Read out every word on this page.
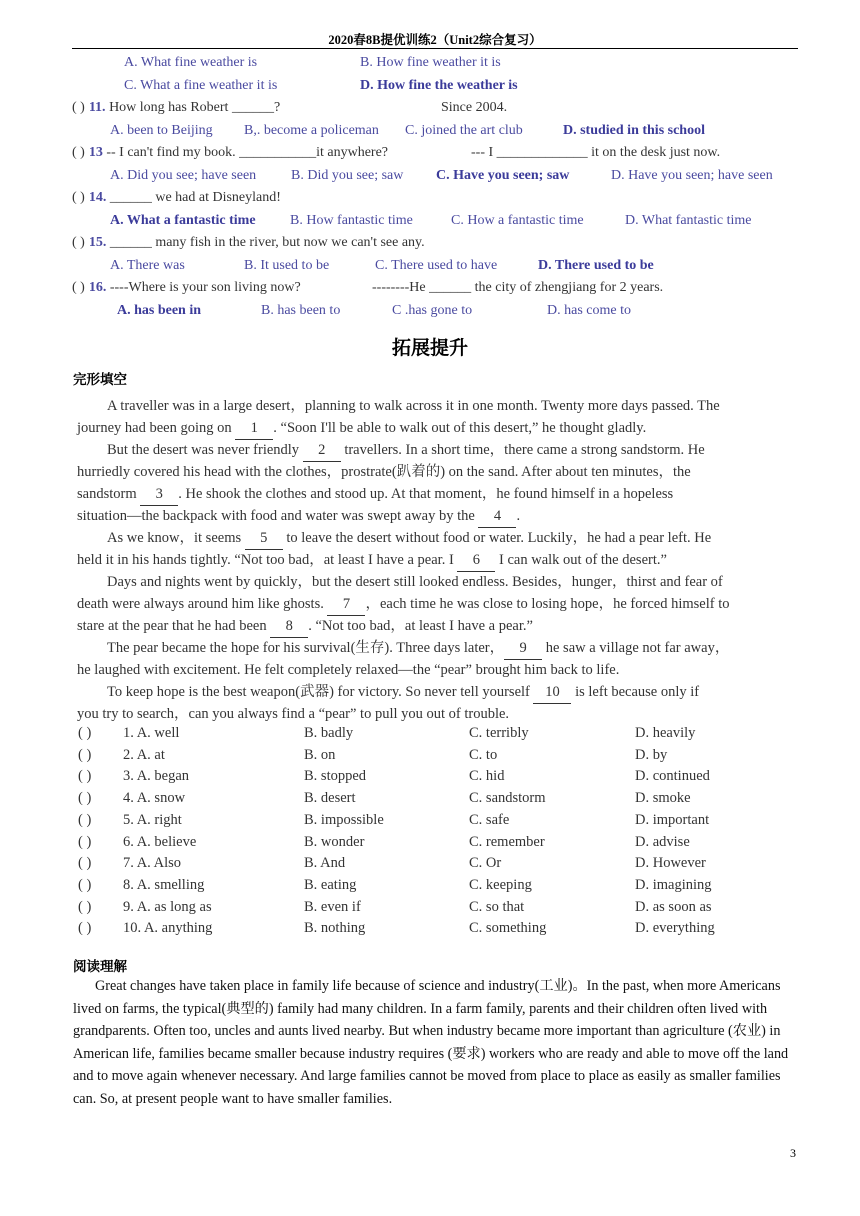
2020春8B提优训练2（Unit2综合复习）
A. What fine weather is	B. How fine weather it is
C. What a fine weather it is	D. How fine the weather is
( ) 11. How long has Robert ______?	Since 2004.
A. been to Beijing B,. become a policeman C. joined the art club	D. studied in this school
( ) 13 -- I can't find my book. ___________it anywhere?	--- I _____________ it on the desk just now.
A. Did you see; have seen B. Did you see; saw C. Have you seen; saw	D. Have you seen; have seen
( ) 14. ______ we had at Disneyland!
A. What a fantastic time B. How fantastic time	C. How a fantastic time	D. What fantastic time
( ) 15. ______ many fish in the river, but now we can't see any.
A. There was	B. It used to be	C. There used to have	D. There used to be
( ) 16. ----Where is your son living now?	--------He ______ the city of zhengjiang for 2 years.
A. has been in	B. has been to	C .has gone to	D. has come to
拓展提升
完形填空
A traveller was in a large desert，planning to walk across it in one month. Twenty more days passed. The
journey had been going on 1 . “Soon I'll be able to walk out of this desert,” he thought gladly.
But the desert was never friendly 2 travellers. In a short time，there came a strong sandstorm. He
hurriedly covered his head with the clothes，prostrate(趴着的) on the sand. After about ten minutes，the
sandstorm 3 . He shook the clothes and stood up. At that moment，he found himself in a hopeless
situation—the backpack with food and water was swept away by the 4 .
As we know，it seems 5 to leave the desert without food or water. Luckily，he had a pear left. He
held it in his hands tightly. “Not too bad，at least I have a pear. I 6 I can walk out of the desert.”
Days and nights went by quickly，but the desert still looked endless. Besides，hunger，thirst and fear of
death were always around him like ghosts. 7 ，each time he was close to losing hope，he forced himself to
stare at the pear that he had been 8 . “Not too bad，at least I have a pear.”
The pear became the hope for his survival(生存). Three days later， 9 he saw a village not far away，
he laughed with excitement. He felt completely relaxed—the “pear” brought him back to life.
To keep hope is the best weapon(武器) for victory. So never tell yourself 10 is left because only if
you try to search，can you always find a “pear” to pull you out of trouble.
( ) 1. A. well	B. badly	C. terribly	D. heavily
( ) 2. A. at	B. on	C. to	D. by
( ) 3. A. began	B. stopped	C. hid	D. continued
( ) 4. A. snow	B. desert	C. sandstorm	D. smoke
( ) 5. A. right	B. impossible	C. safe	D. important
( ) 6. A. believe	B. wonder	C. remember	D. advise
( ) 7. A. Also	B. And	C. Or	D. However
( ) 8. A. smelling	B. eating	C. keeping	D. imagining
( ) 9. A. as long as	B. even if	C. so that	D. as soon as
( ) 10. A. anything	B. nothing	C. something	D. everything
阅读理解
Great changes have taken place in family life because of science and industry(工业)。In the past, when more Americans lived on farms, the typical(典型的) family had many children. In a farm family, parents and their children often lived with grandparents. Often too, uncles and aunts lived nearby. But when industry became more important than agriculture (农业) in American life, families became smaller because industry requires (要求) workers who are ready and able to move off the land and to move again whenever necessary. And large families cannot be moved from place to place as easily as smaller families can. So, at present people want to have smaller families.
3
